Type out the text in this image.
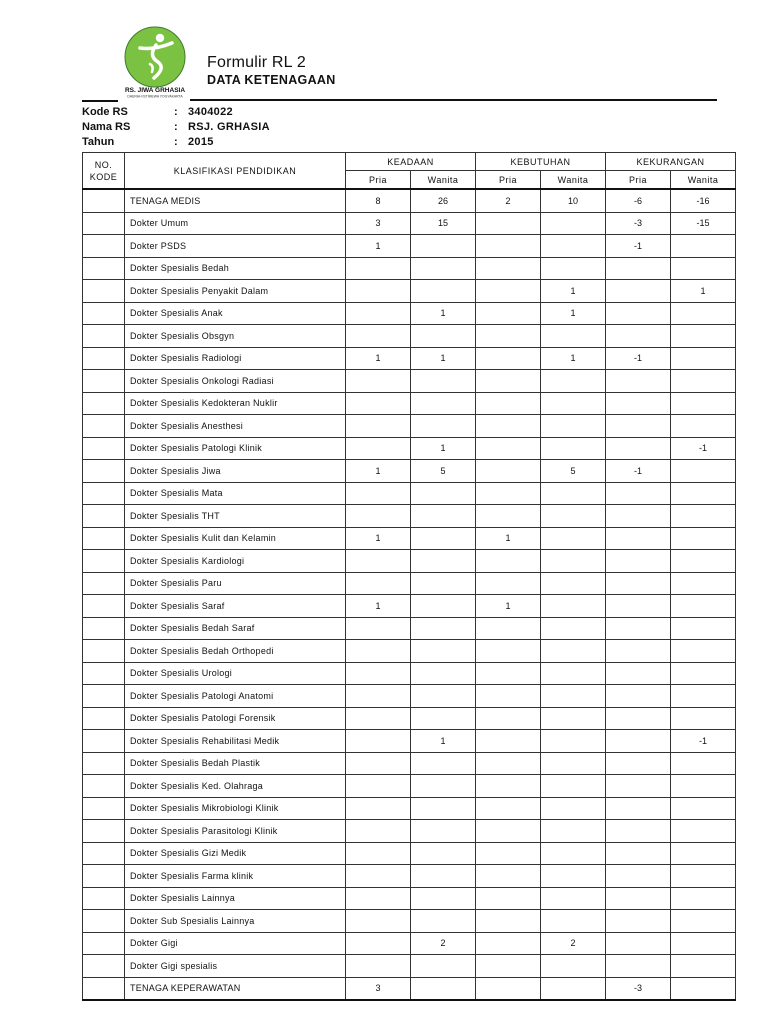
RS. JIWA GRHASIA
DAERAH ISTIMEWA YOGYAKARTA
Formulir RL 2
DATA KETENAGAAN
Kode RS	: 3404022
Nama RS	: RSJ. GRHASIA
Tahun	: 2015
NO. KODE	KLASIFIKASI PENDIDIKAN	KEADAAN		KEBUTUHAN		KEKURANGAN	
		Pria	Wanita	Pria	Wanita	Pria	Wanita
	TENAGA MEDIS	8	26	2	10	-6	-16
	Dokter Umum	3	15			-3	-15
	Dokter PSDS	1				-1	
	Dokter Spesialis Bedah						
	Dokter Spesialis Penyakit Dalam				1		1
	Dokter Spesialis Anak		1		1		
	Dokter Spesialis Obsgyn						
	Dokter Spesialis Radiologi	1	1		1	-1	
	Dokter Spesialis Onkologi Radiasi						
	Dokter Spesialis Kedokteran Nuklir						
	Dokter Spesialis Anesthesi						
	Dokter Spesialis Patologi Klinik		1				-1
	Dokter Spesialis Jiwa	1	5		5	-1	
	Dokter Spesialis Mata						
	Dokter Spesialis THT						
	Dokter Spesialis Kulit dan Kelamin	1		1			
	Dokter Spesialis Kardiologi						
	Dokter Spesialis Paru						
	Dokter Spesialis Saraf	1		1			
	Dokter Spesialis Bedah Saraf						
	Dokter Spesialis Bedah Orthopedi						
	Dokter Spesialis Urologi						
	Dokter Spesialis Patologi Anatomi						
	Dokter Spesialis Patologi Forensik						
	Dokter Spesialis Rehabilitasi Medik		1				-1
	Dokter Spesialis Bedah Plastik						
	Dokter Spesialis Ked. Olahraga						
	Dokter Spesialis Mikrobiologi Klinik						
	Dokter Spesialis Parasitologi Klinik						
	Dokter Spesialis Gizi Medik						
	Dokter Spesialis Farma klinik						
	Dokter Spesialis Lainnya						
	Dokter Sub Spesialis Lainnya						
	Dokter Gigi		2		2		
	Dokter Gigi spesialis						
	TENAGA KEPERAWATAN	3				-3	
